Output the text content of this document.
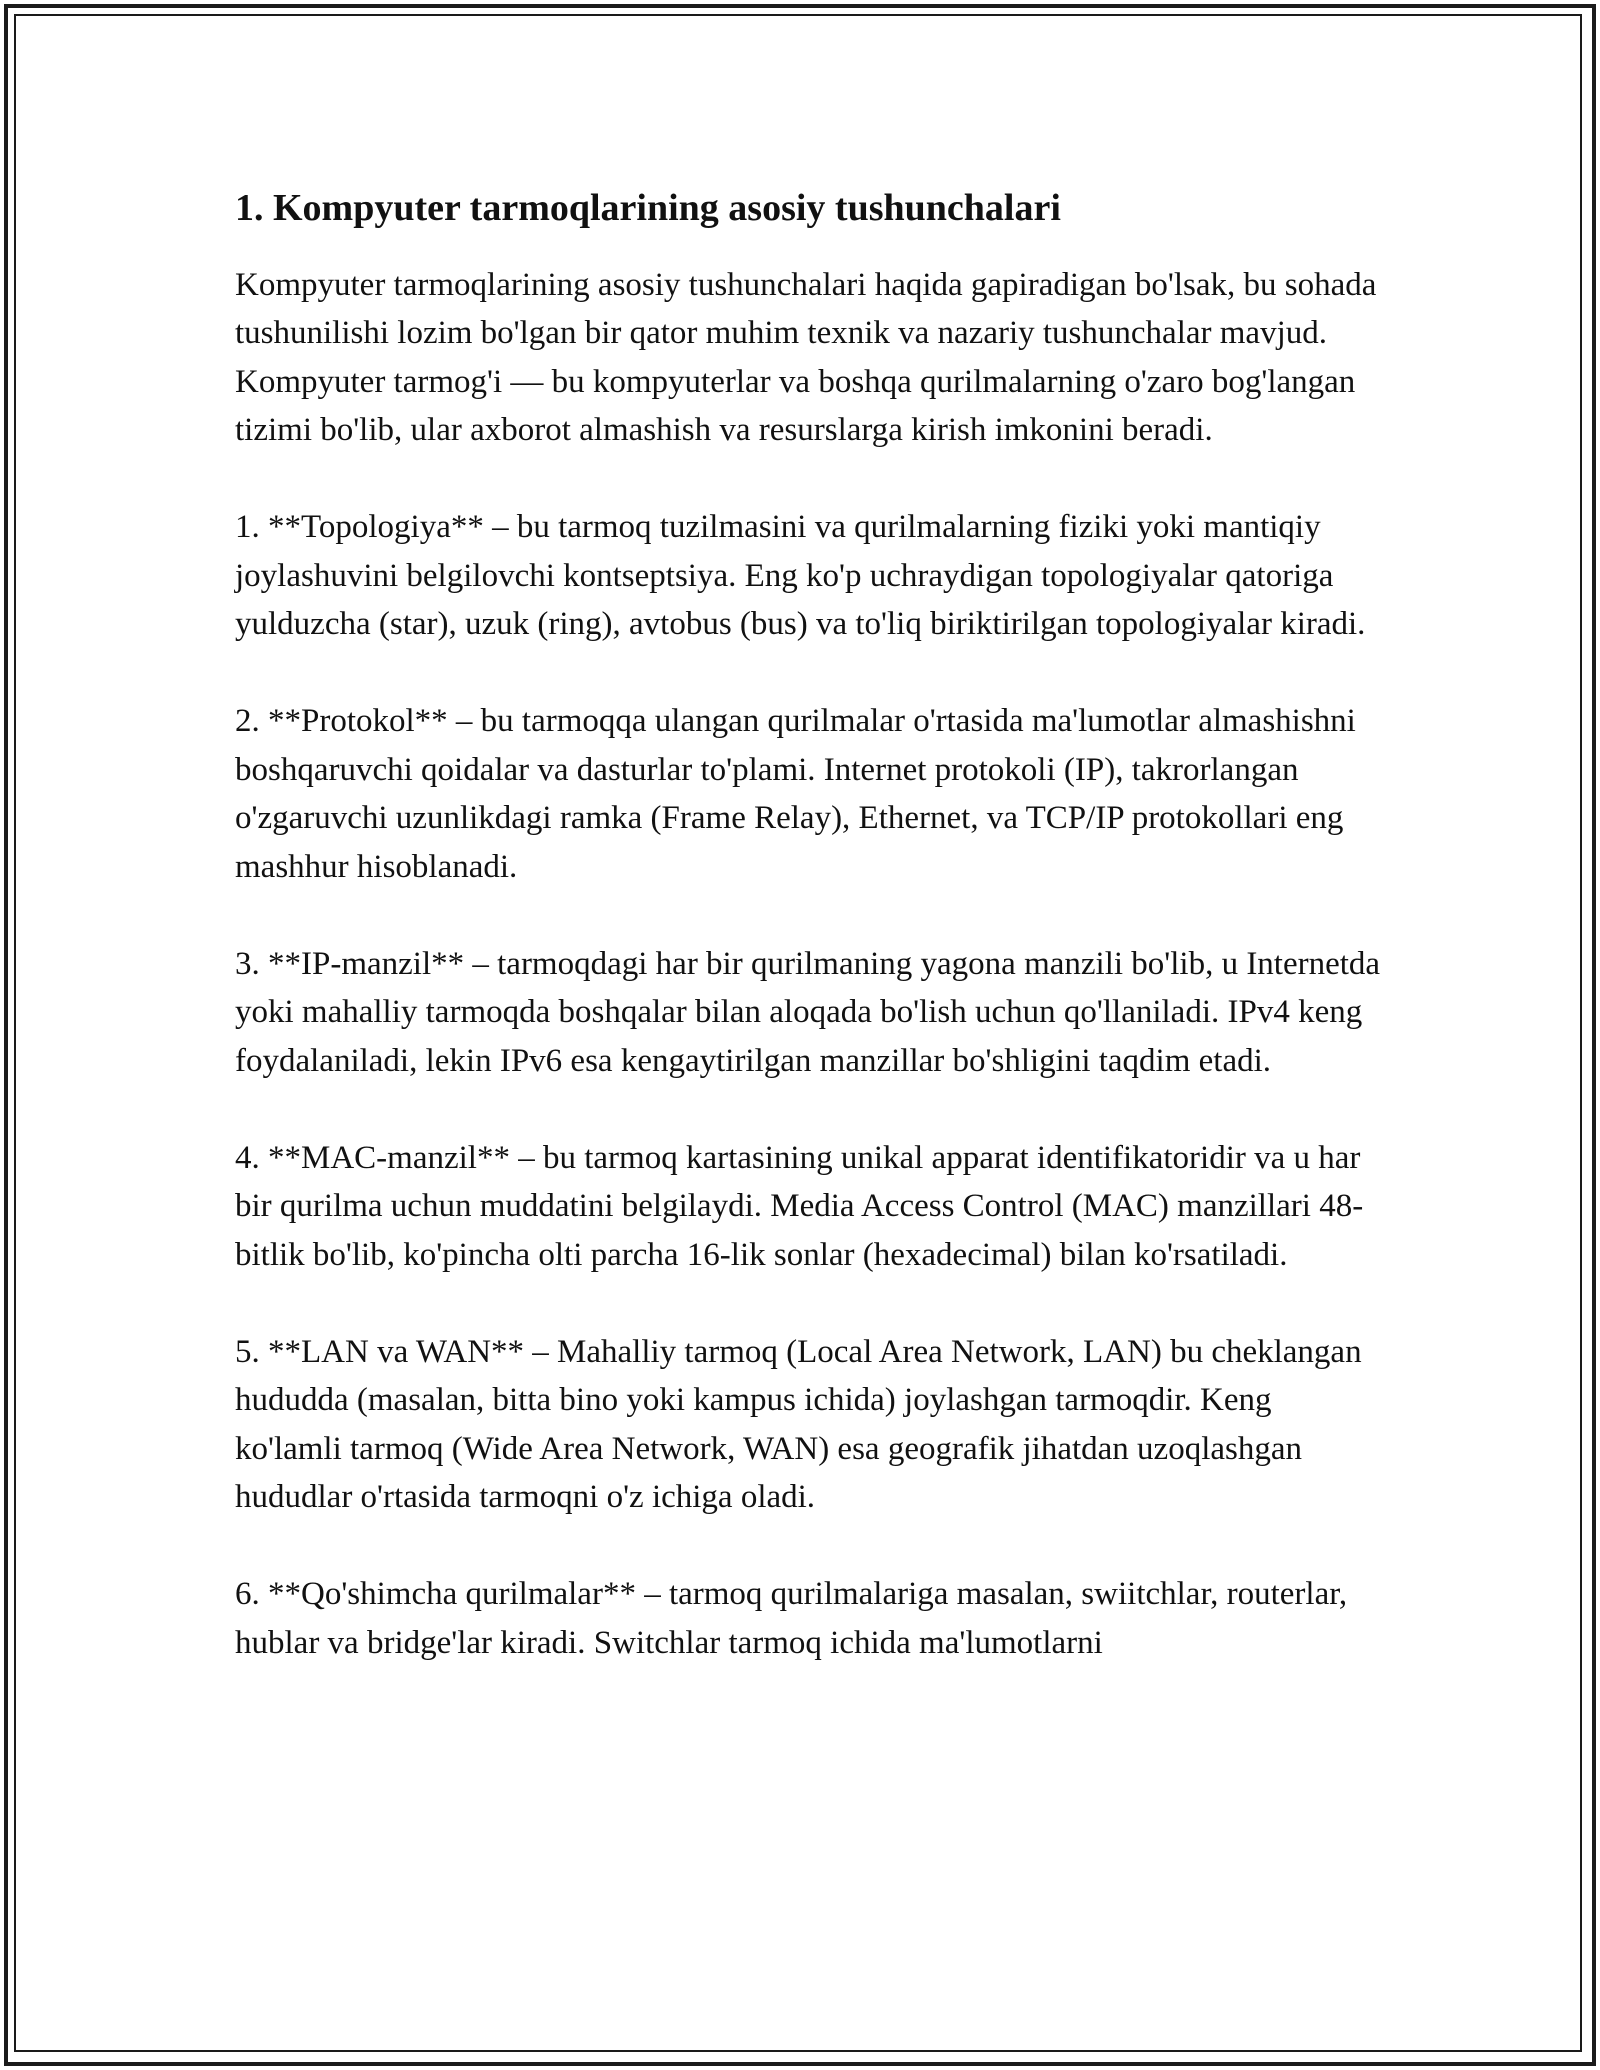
1. Kompyuter tarmoqlarining asosiy tushunchalari

Kompyuter tarmoqlarining asosiy tushunchalari haqida gapiradigan bo'lsak, bu sohada tushunilishi lozim bo'lgan bir qator muhim texnik va nazariy tushunchalar mavjud. Kompyuter tarmog'i — bu kompyuterlar va boshqa qurilmalarning o'zaro bog'langan tizimi bo'lib, ular axborot almashish va resurslarga kirish imkonini beradi.

1. **Topologiya** – bu tarmoq tuzilmasini va qurilmalarning fiziki yoki mantiqiy joylashuvini belgilovchi kontseptsiya. Eng ko'p uchraydigan topologiyalar qatoriga yulduzcha (star), uzuk (ring), avtobus (bus) va to'liq biriktirilgan topologiyalar kiradi.

2. **Protokol** – bu tarmoqqa ulangan qurilmalar o'rtasida ma'lumotlar almashishni boshqaruvchi qoidalar va dasturlar to'plami. Internet protokoli (IP), takrorlangan o'zgaruvchi uzunlikdagi ramka (Frame Relay), Ethernet, va TCP/IP protokollari eng mashhur hisoblanadi.

3. **IP-manzil** – tarmoqdagi har bir qurilmaning yagona manzili bo'lib, u Internetda yoki mahalliy tarmoqda boshqalar bilan aloqada bo'lish uchun qo'llaniladi. IPv4 keng foydalaniladi, lekin IPv6 esa kengaytirilgan manzillar bo'shligini taqdim etadi.

4. **MAC-manzil** – bu tarmoq kartasining unikal apparat identifikatoridir va u har bir qurilma uchun muddatini belgilaydi. Media Access Control (MAC) manzillari 48-bitlik bo'lib, ko'pincha olti parcha 16-lik sonlar (hexadecimal) bilan ko'rsatiladi.

5. **LAN va WAN** – Mahalliy tarmoq (Local Area Network, LAN) bu cheklangan hududda (masalan, bitta bino yoki kampus ichida) joylashgan tarmoqdir. Keng ko'lamli tarmoq (Wide Area Network, WAN) esa geografik jihatdan uzoqlashgan hududlar o'rtasida tarmoqni o'z ichiga oladi.

6. **Qo'shimcha qurilmalar** – tarmoq qurilmalariga masalan, swiitchlar, routerlar, hublar va bridge'lar kiradi. Switchlar tarmoq ichida ma'lumotlarni
